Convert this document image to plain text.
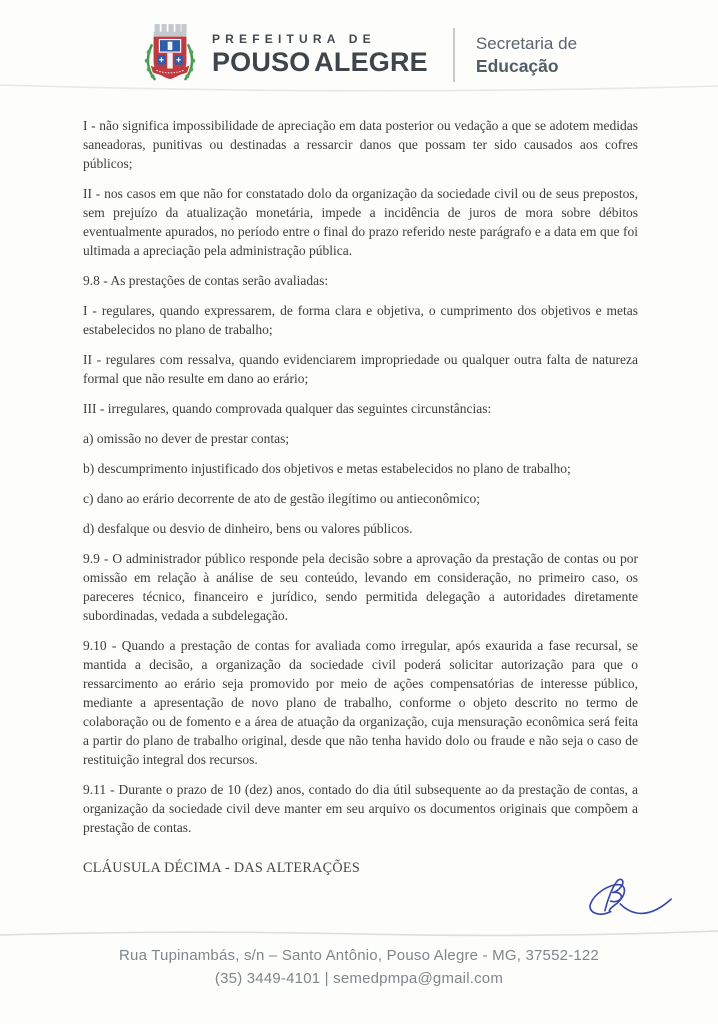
PREFEITURA DE
POUSO ALEGRE
Secretaria de
Educação

I - não significa impossibilidade de apreciação em data posterior ou vedação a que se adotem medidas saneadoras, punitivas ou destinadas a ressarcir danos que possam ter sido causados aos cofres públicos;

II - nos casos em que não for constatado dolo da organização da sociedade civil ou de seus prepostos, sem prejuízo da atualização monetária, impede a incidência de juros de mora sobre débitos eventualmente apurados, no período entre o final do prazo referido neste parágrafo e a data em que foi ultimada a apreciação pela administração pública.

9.8 - As prestações de contas serão avaliadas:

I - regulares, quando expressarem, de forma clara e objetiva, o cumprimento dos objetivos e metas estabelecidos no plano de trabalho;

II - regulares com ressalva, quando evidenciarem impropriedade ou qualquer outra falta de natureza formal que não resulte em dano ao erário;

III - irregulares, quando comprovada qualquer das seguintes circunstâncias:

a) omissão no dever de prestar contas;

b) descumprimento injustificado dos objetivos e metas estabelecidos no plano de trabalho;

c) dano ao erário decorrente de ato de gestão ilegítimo ou antieconômico;

d) desfalque ou desvio de dinheiro, bens ou valores públicos.

9.9 - O administrador público responde pela decisão sobre a aprovação da prestação de contas ou por omissão em relação à análise de seu conteúdo, levando em consideração, no primeiro caso, os pareceres técnico, financeiro e jurídico, sendo permitida delegação a autoridades diretamente subordinadas, vedada a subdelegação.

9.10 - Quando a prestação de contas for avaliada como irregular, após exaurida a fase recursal, se mantida a decisão, a organização da sociedade civil poderá solicitar autorização para que o ressarcimento ao erário seja promovido por meio de ações compensatórias de interesse público, mediante a apresentação de novo plano de trabalho, conforme o objeto descrito no termo de colaboração ou de fomento e a área de atuação da organização, cuja mensuração econômica será feita a partir do plano de trabalho original, desde que não tenha havido dolo ou fraude e não seja o caso de restituição integral dos recursos.

9.11 - Durante o prazo de 10 (dez) anos, contado do dia útil subsequente ao da prestação de contas, a organização da sociedade civil deve manter em seu arquivo os documentos originais que compõem a prestação de contas.

CLÁUSULA DÉCIMA - DAS ALTERAÇÕES
Rua Tupinambás, s/n – Santo Antônio, Pouso Alegre - MG, 37552-122
(35) 3449-4101 | semedpmpa@gmail.com
